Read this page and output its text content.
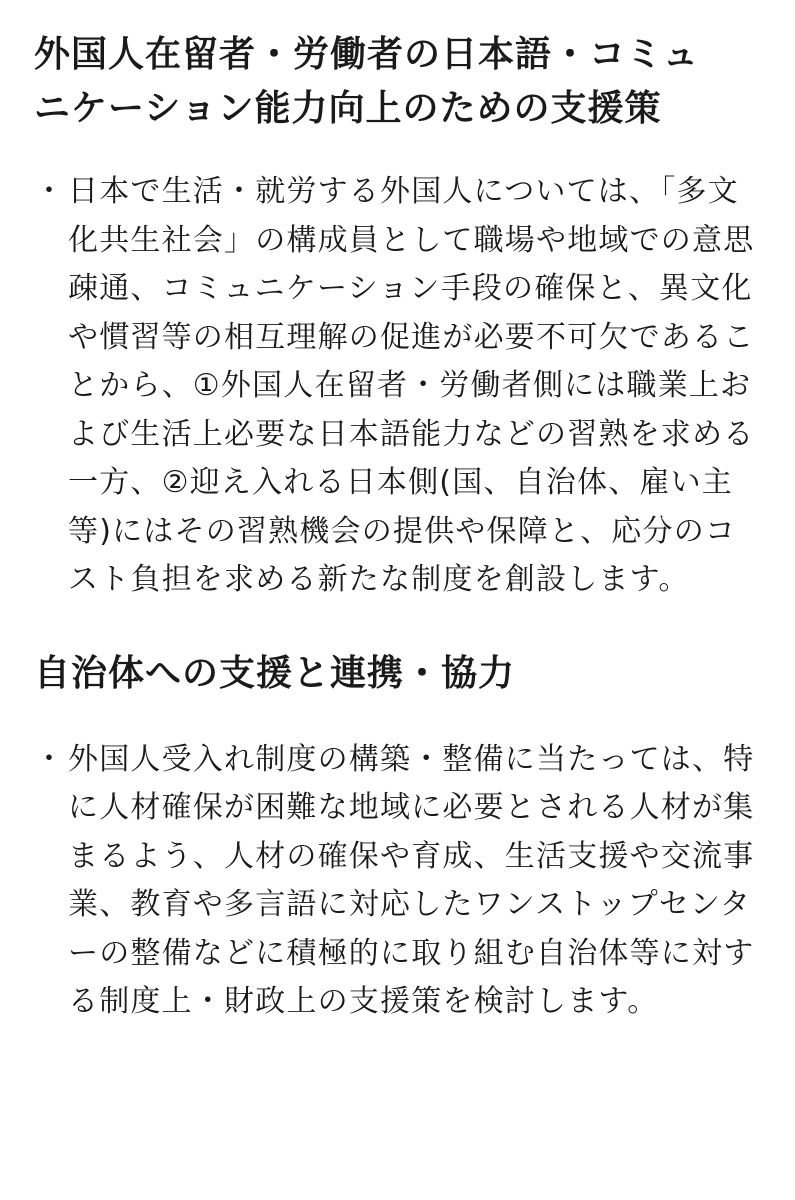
外国人在留者・労働者の日本語・コミュニケーション能力向上のための支援策
・ 日本で生活・就労する外国人については、「多文化共生社会」の構成員として職場や地域での意思疎通、コミュニケーション手段の確保と、異文化や慣習等の相互理解の促進が必要不可欠であることから、①外国人在留者・労働者側には職業上および生活上必要な日本語能力などの習熟を求める一方、②迎え入れる日本側(国、自治体、雇い主等)にはその習熟機会の提供や保障と、応分のコスト負担を求める新たな制度を創設します。
自治体への支援と連携・協力
・ 外国人受入れ制度の構築・整備に当たっては、特に人材確保が困難な地域に必要とされる人材が集まるよう、人材の確保や育成、生活支援や交流事業、教育や多言語に対応したワンストップセンターの整備などに積極的に取り組む自治体等に対する制度上・財政上の支援策を検討します。
